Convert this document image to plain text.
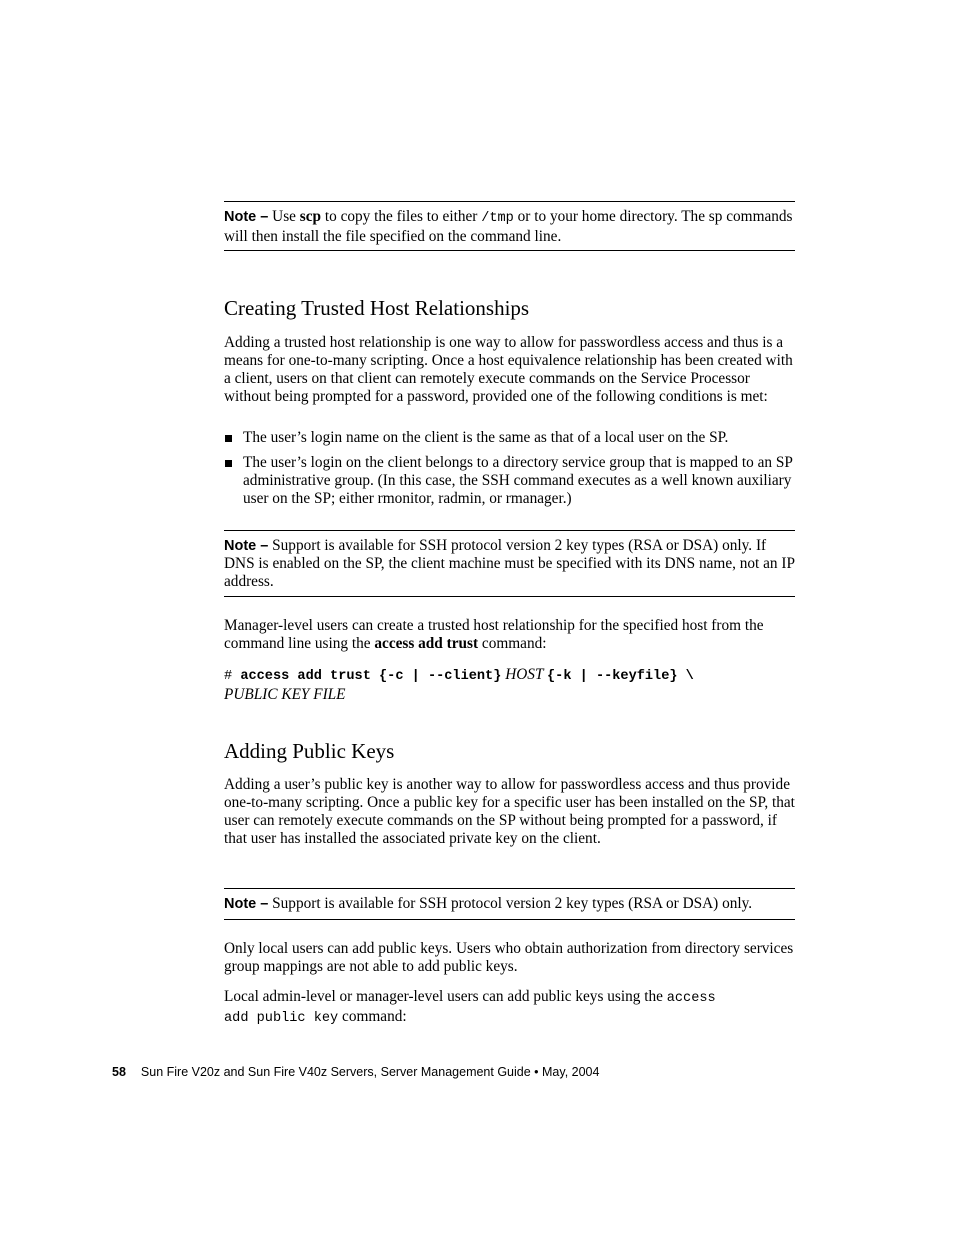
Note – Use scp to copy the files to either /tmp or to your home directory. The sp commands will then install the file specified on the command line.

Creating Trusted Host Relationships

Adding a trusted host relationship is one way to allow for passwordless access and thus is a means for one-to-many scripting. Once a host equivalence relationship has been created with a client, users on that client can remotely execute commands on the Service Processor without being prompted for a password, provided one of the following conditions is met:

The user’s login name on the client is the same as that of a local user on the SP.
The user’s login on the client belongs to a directory service group that is mapped to an SP administrative group. (In this case, the SSH command executes as a well known auxiliary user on the SP; either rmonitor, radmin, or rmanager.)

Note – Support is available for SSH protocol version 2 key types (RSA or DSA) only. If DNS is enabled on the SP, the client machine must be specified with its DNS name, not an IP address.

Manager-level users can create a trusted host relationship for the specified host from the command line using the access add trust command:

# access add trust {-c | --client} HOST {-k | --keyfile} \
PUBLIC KEY FILE
Adding Public Keys

Adding a user’s public key is another way to allow for passwordless access and thus provide one-to-many scripting. Once a public key for a specific user has been installed on the SP, that user can remotely execute commands on the SP without being prompted for a password, if that user has installed the associated private key on the client.

Note – Support is available for SSH protocol version 2 key types (RSA or DSA) only.

Only local users can add public keys. Users who obtain authorization from directory services group mappings are not able to add public keys.

Local admin-level or manager-level users can add public keys using the access
add public key command:

58 Sun Fire V20z and Sun Fire V40z Servers, Server Management Guide • May, 2004
